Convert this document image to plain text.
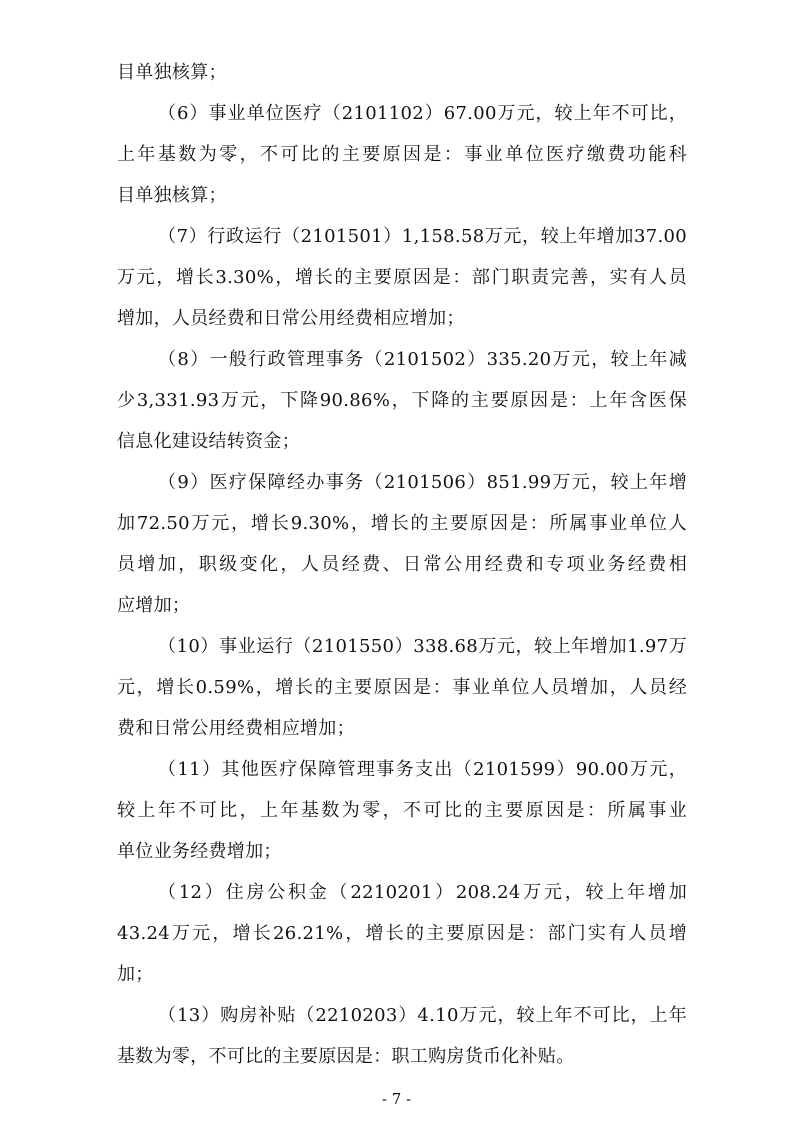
目单独核算；
（6）事业单位医疗（2101102）67.00万元，较上年不可比，
上年基数为零，不可比的主要原因是：事业单位医疗缴费功能科
目单独核算；
（7）行政运行（2101501）1,158.58万元，较上年增加37.00
万元，增长3.30%，增长的主要原因是：部门职责完善，实有人员
增加，人员经费和日常公用经费相应增加；
（8）一般行政管理事务（2101502）335.20万元，较上年减
少3,331.93万元，下降90.86%，下降的主要原因是：上年含医保
信息化建设结转资金；
（9）医疗保障经办事务（2101506）851.99万元，较上年增
加72.50万元，增长9.30%，增长的主要原因是：所属事业单位人
员增加，职级变化，人员经费、日常公用经费和专项业务经费相
应增加；
（10）事业运行（2101550）338.68万元，较上年增加1.97万
元，增长0.59%，增长的主要原因是：事业单位人员增加，人员经
费和日常公用经费相应增加；
（11）其他医疗保障管理事务支出（2101599）90.00万元，
较上年不可比，上年基数为零，不可比的主要原因是：所属事业
单位业务经费增加；
（12）住房公积金（2210201）208.24万元，较上年增加
43.24万元，增长26.21%，增长的主要原因是：部门实有人员增
加；
（13）购房补贴（2210203）4.10万元，较上年不可比，上年
基数为零，不可比的主要原因是：职工购房货币化补贴。
- 7 -
